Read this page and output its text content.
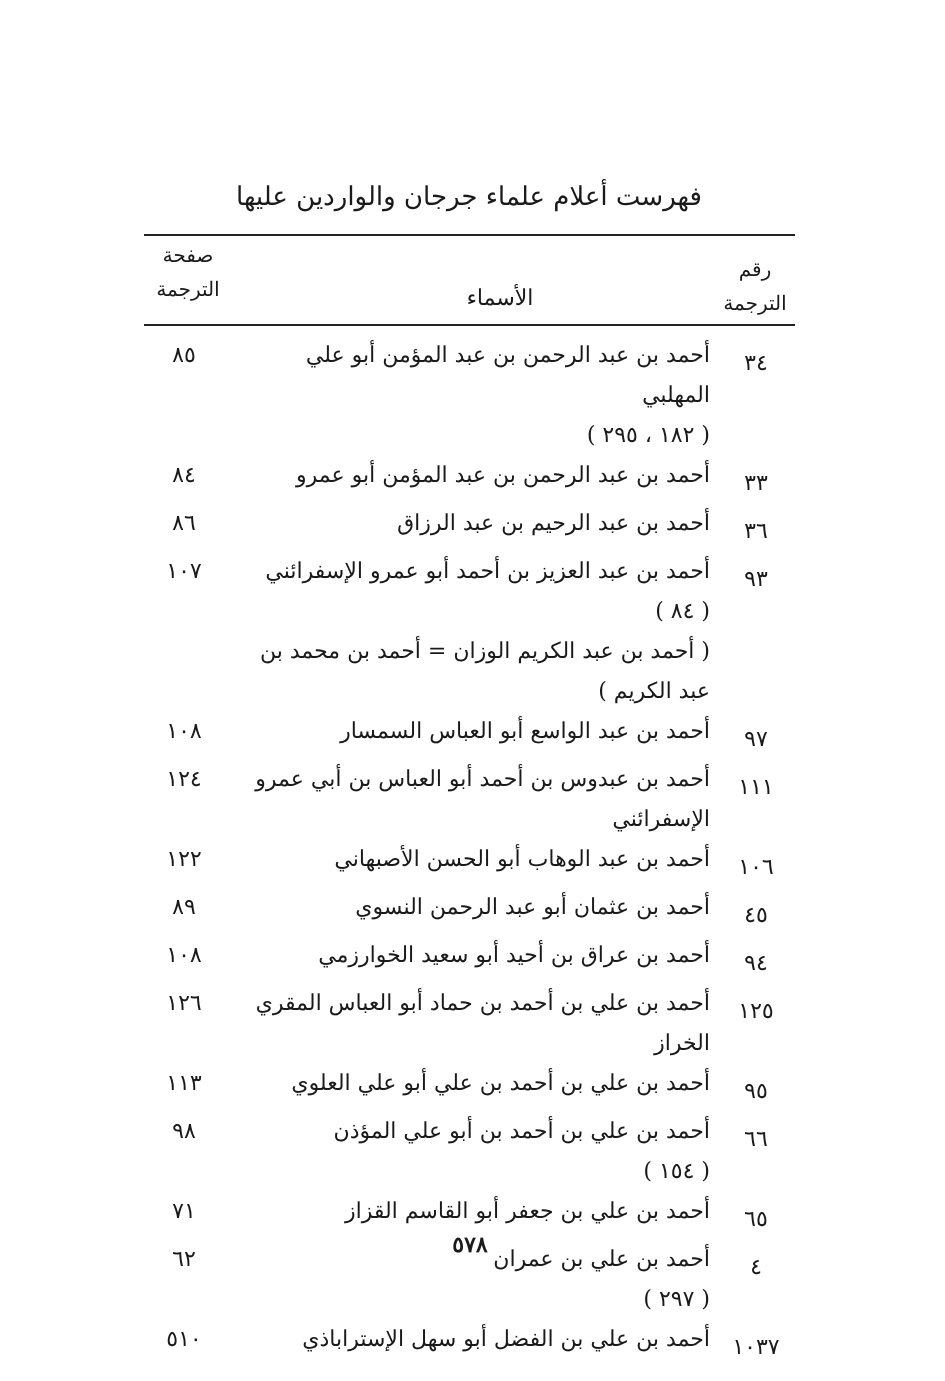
فهرست أعلام علماء جرجان والواردين عليها
رقم
الترجمة
الأسماء
صفحة
الترجمة
٣٤
أحمد بن عبد الرحمن بن عبد المؤمن أبو علي المهلبي
( ١٨٢ ، ٢٩٥ )
٨٥
٣٣
أحمد بن عبد الرحمن بن عبد المؤمن أبو عمرو
٨٤
٣٦
أحمد بن عبد الرحيم بن عبد الرزاق
٨٦
٩٣
أحمد بن عبد العزيز بن أحمد أبو عمرو الإسفرائني
( ٨٤ )
١٠٧
( أحمد بن عبد الكريم الوزان = أحمد بن محمد بن عبد الكريم )
٩٧
أحمد بن عبد الواسع أبو العباس السمسار
١٠٨
١١١
أحمد بن عبدوس بن أحمد أبو العباس بن أبي عمرو الإسفرائني
١٢٤
١٠٦
أحمد بن عبد الوهاب أبو الحسن الأصبهاني
١٢٢
٤٥
أحمد بن عثمان أبو عبد الرحمن النسوي
٨٩
٩٤
أحمد بن عراق بن أحيد أبو سعيد الخوارزمي
١٠٨
١٢٥
أحمد بن علي بن أحمد بن حماد أبو العباس المقري الخراز
١٢٦
٩٥
أحمد بن علي بن أحمد بن علي أبو علي العلوي
١١٣
٦٦
أحمد بن علي بن أحمد بن أبو علي المؤذن
( ١٥٤ )
٩٨
٦٥
أحمد بن علي بن جعفر أبو القاسم القزاز
٧١
٤
أحمد بن علي بن عمران
( ٢٩٧ )
٦٢
١٠٣٧
أحمد بن علي بن الفضل أبو سهل الإستراباذي
٥١٠
٥٧٨
